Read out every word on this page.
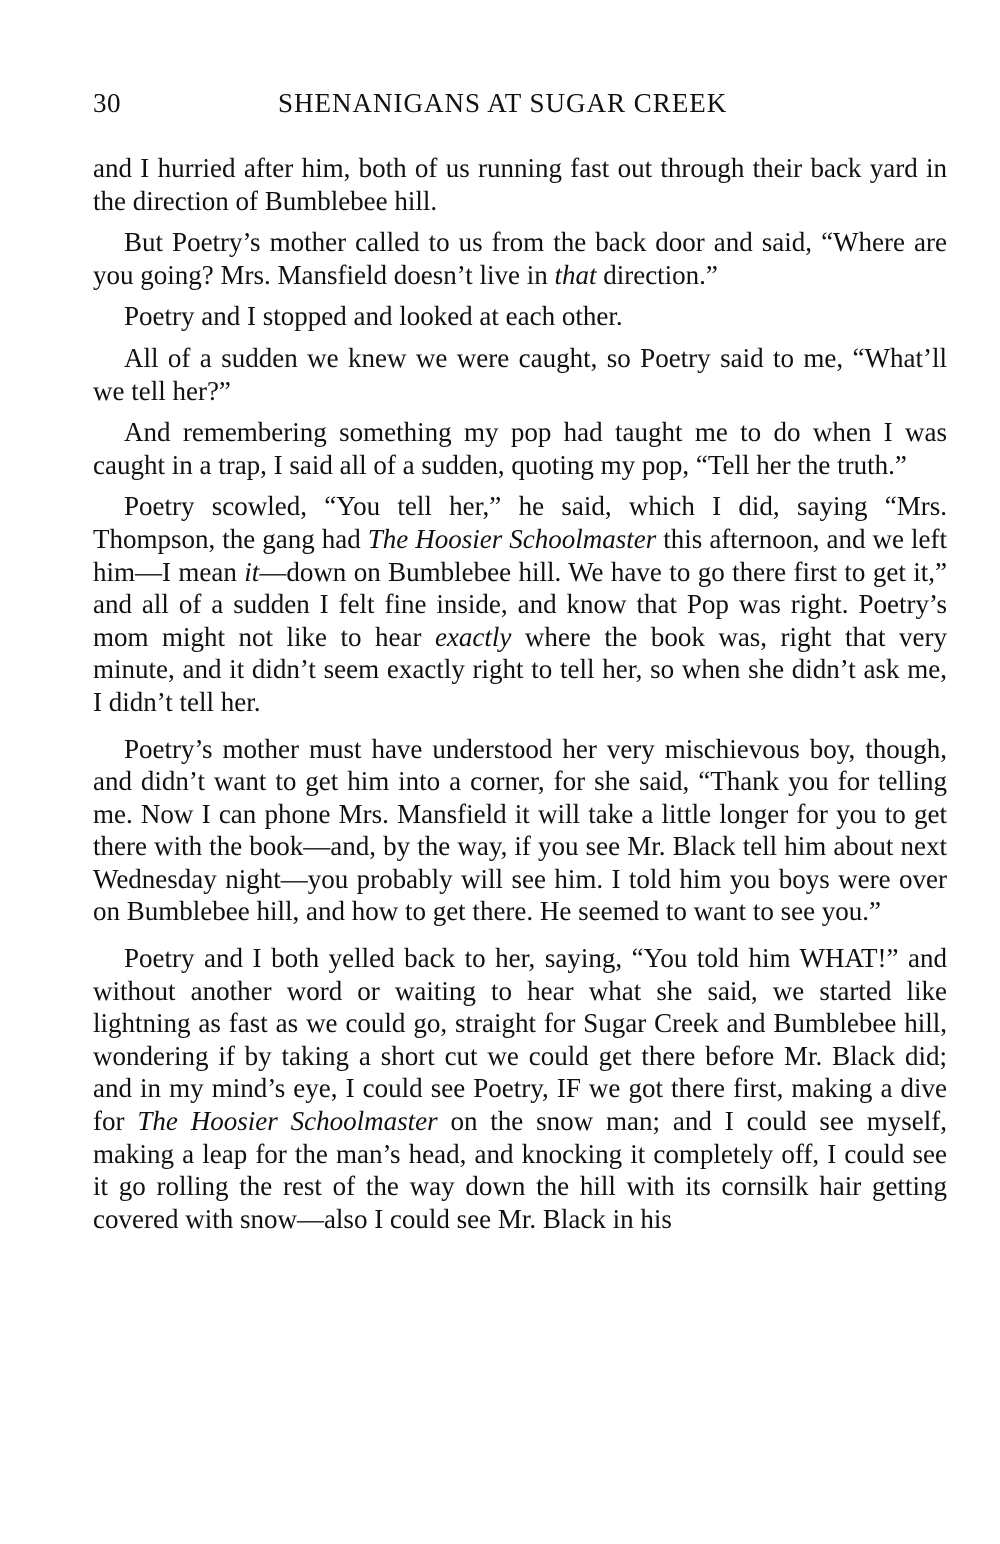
30	SHENANIGANS AT SUGAR CREEK

and I hurried after him, both of us running fast out through their back yard in the direction of Bumblebee hill.

But Poetry’s mother called to us from the back door and said, “Where are you going? Mrs. Mansfield doesn’t live in that direction.”

Poetry and I stopped and looked at each other.

All of a sudden we knew we were caught, so Poetry said to me, “What’ll we tell her?”

And remembering something my pop had taught me to do when I was caught in a trap, I said all of a sudden, quoting my pop, “Tell her the truth.”

Poetry scowled, “You tell her,” he said, which I did, saying “Mrs. Thompson, the gang had The Hoosier Schoolmaster this afternoon, and we left him—I mean it—down on Bumblebee hill. We have to go there first to get it,” and all of a sudden I felt fine inside, and know that Pop was right. Poetry’s mom might not like to hear exactly where the book was, right that very minute, and it didn’t seem exactly right to tell her, so when she didn’t ask me, I didn’t tell her.

Poetry’s mother must have understood her very mischievous boy, though, and didn’t want to get him into a corner, for she said, “Thank you for telling me. Now I can phone Mrs. Mansfield it will take a little longer for you to get there with the book—and, by the way, if you see Mr. Black tell him about next Wednesday night—you probably will see him. I told him you boys were over on Bumblebee hill, and how to get there. He seemed to want to see you.”

Poetry and I both yelled back to her, saying, “You told him WHAT!” and without another word or waiting to hear what she said, we started like lightning as fast as we could go, straight for Sugar Creek and Bumblebee hill, wondering if by taking a short cut we could get there before Mr. Black did; and in my mind’s eye, I could see Poetry, IF we got there first, making a dive for The Hoosier Schoolmaster on the snow man; and I could see myself, making a leap for the man’s head, and knocking it completely off, I could see it go rolling the rest of the way down the hill with its cornsilk hair getting covered with snow—also I could see Mr. Black in his
